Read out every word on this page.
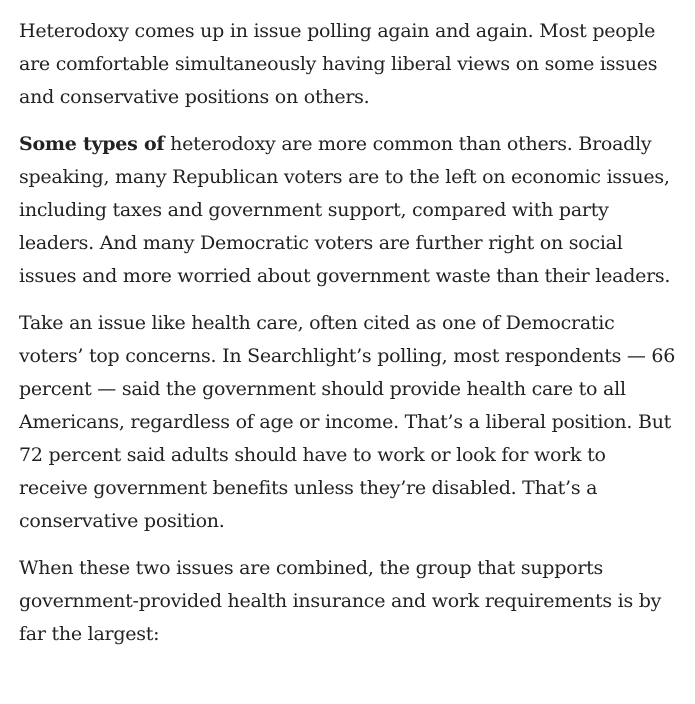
Heterodoxy comes up in issue polling again and again. Most people are comfortable simultaneously having liberal views on some issues and conservative positions on others.

Some types of heterodoxy are more common than others. Broadly speaking, many Republican voters are to the left on economic issues, including taxes and government support, compared with party leaders. And many Democratic voters are further right on social issues and more worried about government waste than their leaders.

Take an issue like health care, often cited as one of Democratic voters’ top concerns. In Searchlight’s polling, most respondents — 66 percent — said the government should provide health care to all Americans, regardless of age or income. That’s a liberal position. But 72 percent said adults should have to work or look for work to receive government benefits unless they’re disabled. That’s a conservative position.

When these two issues are combined, the group that supports government-provided health insurance and work requirements is by far the largest:
